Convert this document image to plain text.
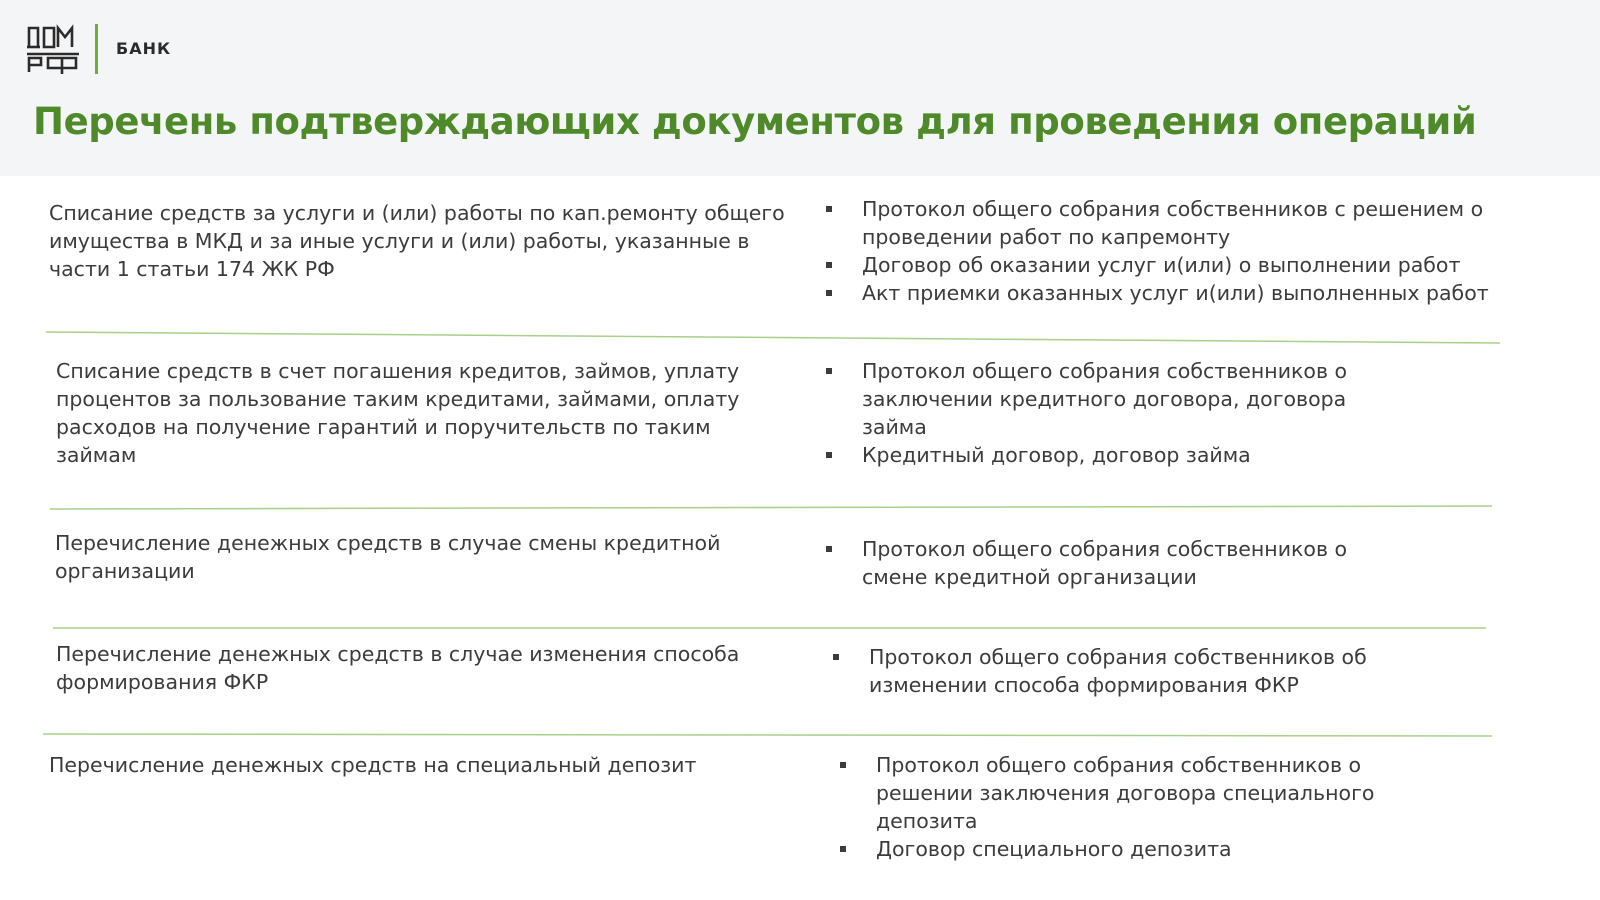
ДОМ РФ
БАНК
Перечень подтверждающих документов для проведения операций
Списание средств за услуги и (или) работы по кап.ремонту общего имущества в МКД и за иные услуги и (или) работы, указанные в части 1 статьи 174 ЖК РФ
Протокол общего собрания собственников с решением о проведении работ по капремонту
Договор об оказании услуг и(или) о выполнении работ
Акт приемки оказанных услуг и(или) выполненных работ
Списание средств в счет погашения кредитов, займов, уплату процентов за пользование таким кредитами, займами, оплату расходов на получение гарантий и поручительств по таким займам
Протокол общего собрания собственников о заключении кредитного договора, договора займа
Кредитный договор, договор займа
Перечисление денежных средств в случае смены кредитной организации
Протокол общего собрания собственников о смене кредитной организации
Перечисление денежных средств в случае изменения способа формирования ФКР
Протокол общего собрания собственников об изменении способа формирования ФКР
Перечисление денежных средств на специальный депозит	Протокол общего собрания собственников о решении заключения договора специального депозита
Договор специального депозита
